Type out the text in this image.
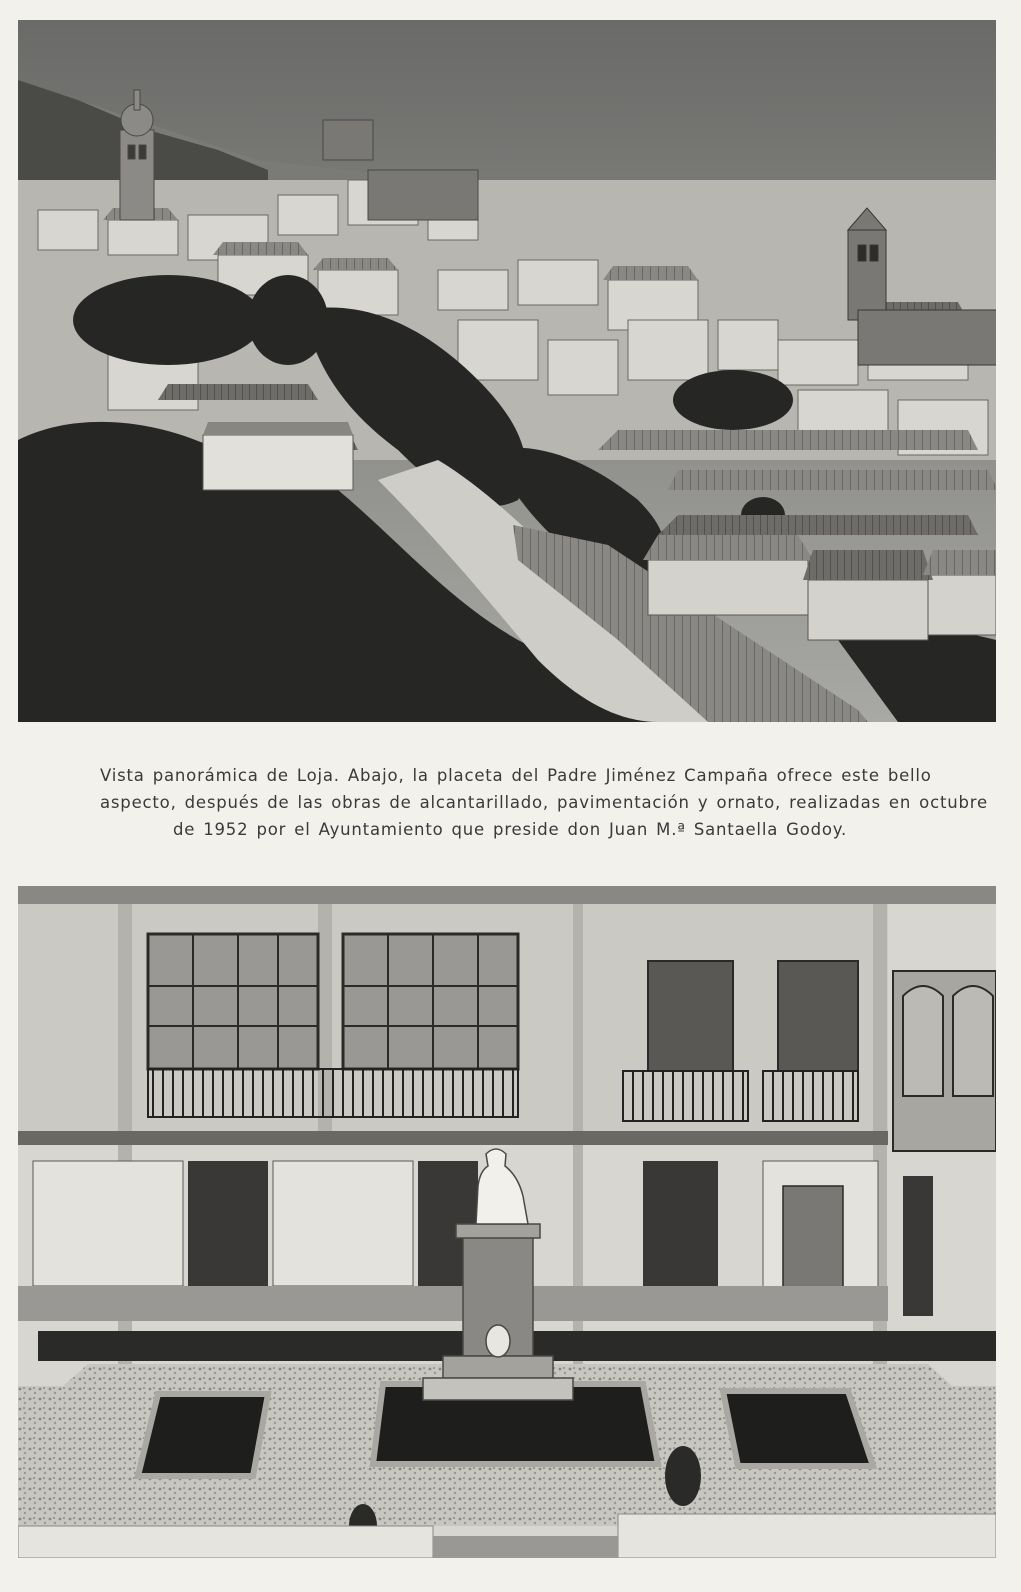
Vista panorámica de Loja. Abajo, la placeta del Padre Jiménez Campaña ofrece este bello
aspecto, después de las obras de alcantarillado, pavimentación y ornato, realizadas en octubre
de 1952 por el Ayuntamiento que preside don Juan M.ª Santaella Godoy.
